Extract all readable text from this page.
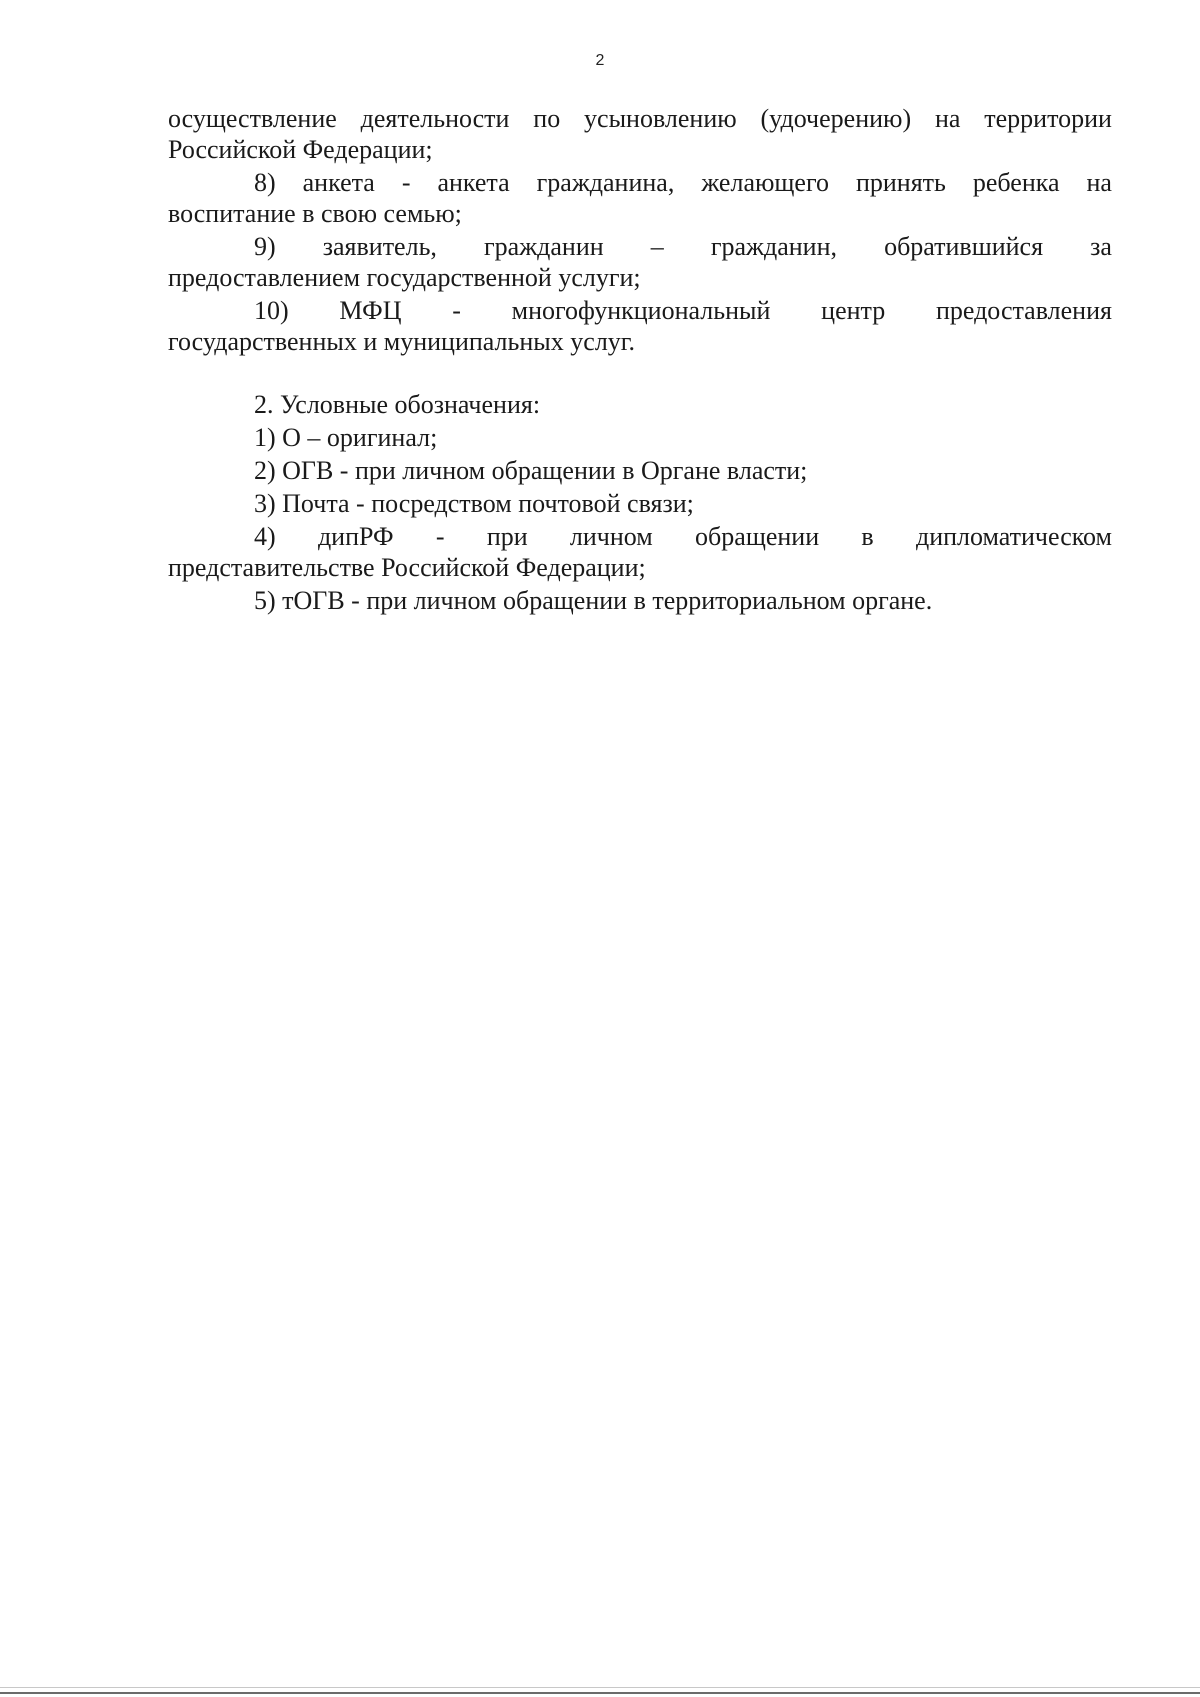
2
осуществление деятельности по усыновлению (удочерению) на территории
Российской Федерации;
8) анкета - анкета гражданина, желающего принять ребенка на
воспитание в свою семью;
9) заявитель, гражданин – гражданин, обратившийся за
предоставлением государственной услуги;
10) МФЦ - многофункциональный центр предоставления
государственных и муниципальных услуг.
2. Условные обозначения:
1) О – оригинал;
2) ОГВ - при личном обращении в Органе власти;
3) Почта - посредством почтовой связи;
4) дипРФ - при личном обращении в дипломатическом
представительстве Российской Федерации;
5) тОГВ - при личном обращении в территориальном органе.
